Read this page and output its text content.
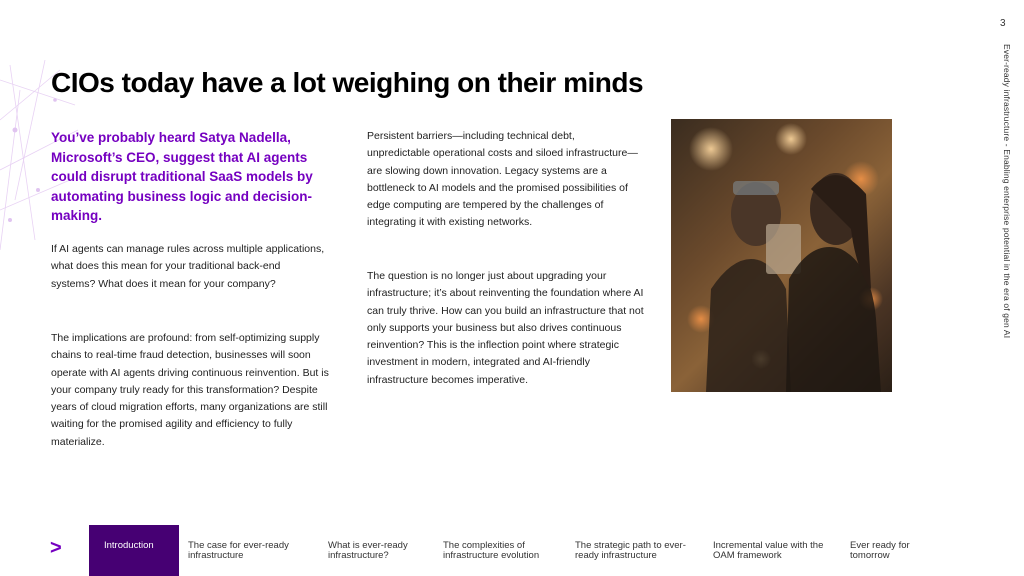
3
Ever-ready infrastructure - Enabling enterprise potential in the era of gen AI
CIOs today have a lot weighing on their minds

You’ve probably heard Satya Nadella, Microsoft’s CEO, suggest that AI agents could disrupt traditional SaaS models by automating business logic and decision-making.

If AI agents can manage rules across multiple applications, what does this mean for your traditional back-end systems? What does it mean for your company?

The implications are profound: from self-optimizing supply chains to real-time fraud detection, businesses will soon operate with AI agents driving continuous reinvention. But is your company truly ready for this transformation? Despite years of cloud migration efforts, many organizations are still waiting for the promised agility and efficiency to fully materialize.

Persistent barriers—including technical debt, unpredictable operational costs and siloed infrastructure—are slowing down innovation. Legacy systems are a bottleneck to AI models and the promised possibilities of edge computing are tempered by the challenges of integrating it with existing networks.

The question is no longer just about upgrading your infrastructure; it’s about reinventing the foundation where AI can truly thrive. How can you build an infrastructure that not only supports your business but also drives continuous reinvention? This is the inflection point where strategic investment in modern, integrated and AI-friendly infrastructure becomes imperative.

>	Introduction	The case for ever-ready infrastructure
What is ever-ready infrastructure?
The complexities of infrastructure evolution
The strategic path to ever-ready infrastructure
Incremental value with the OAM framework
Ever ready for tomorrow
